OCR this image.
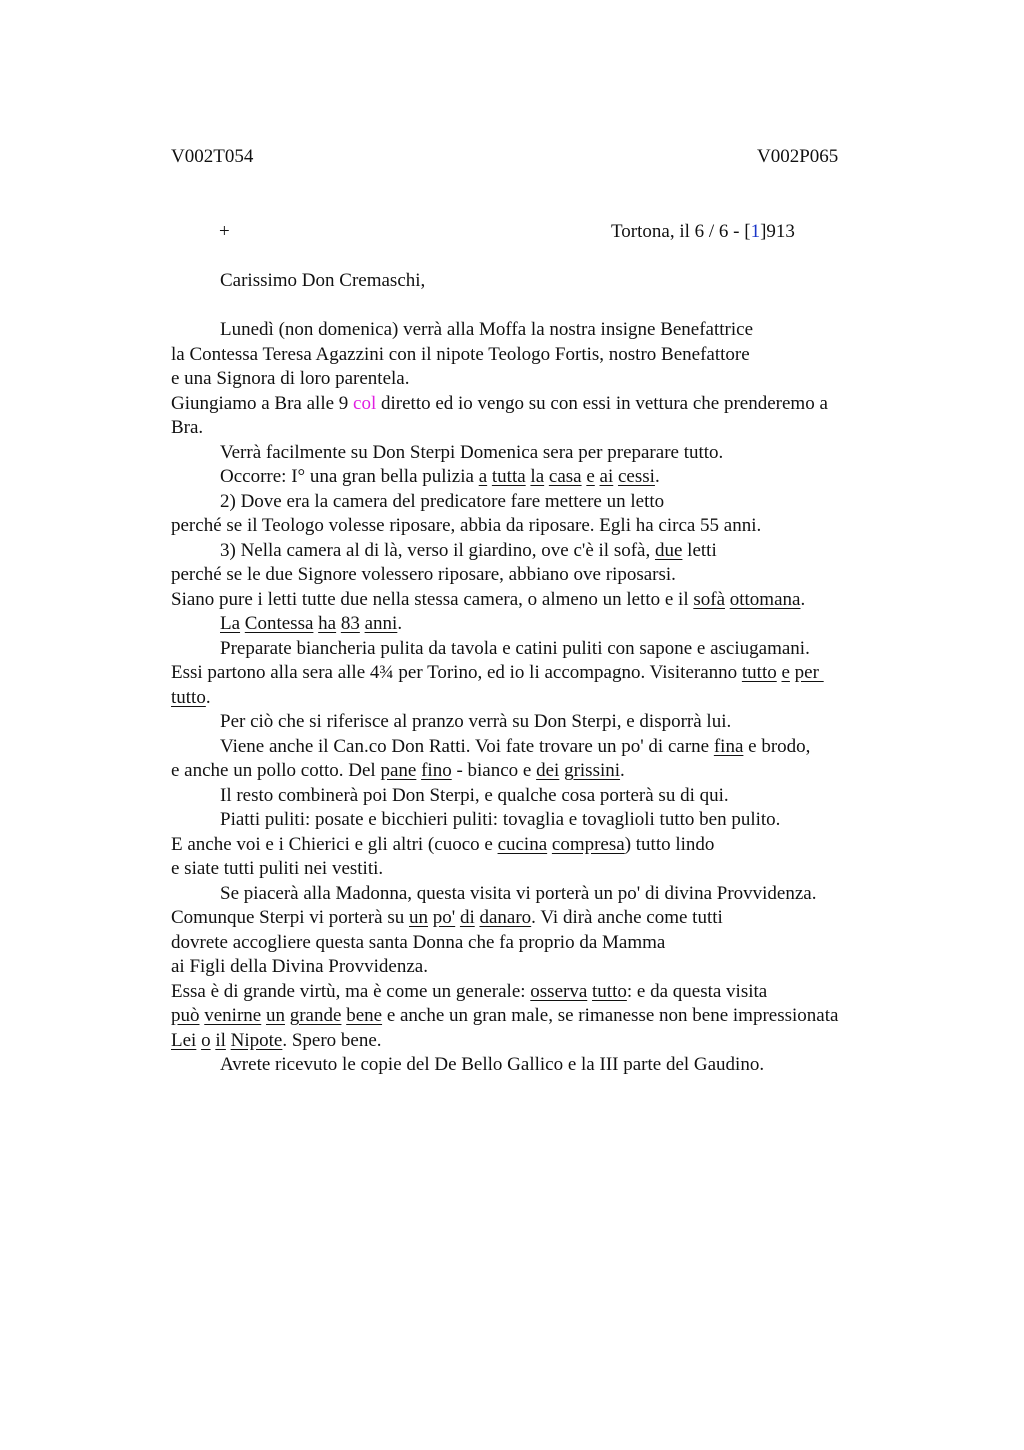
V002T054	V002P065
+	Tortona, il 6 / 6 - [1]913
Carissimo Don Cremaschi,
Lunedì (non domenica) verrà alla Moffa la nostra insigne Benefattrice
la Contessa Teresa Agazzini con il nipote Teologo Fortis, nostro Benefattore
e una Signora di loro parentela.
Giungiamo a Bra alle 9 col diretto ed io vengo su con essi in vettura che prenderemo a
Bra.
Verrà facilmente su Don Sterpi Domenica sera per preparare tutto.
Occorre: I° una gran bella pulizia a tutta la casa e ai cessi.
2) Dove era la camera del predicatore fare mettere un letto
perché se il Teologo volesse riposare, abbia da riposare. Egli ha circa 55 anni.
3) Nella camera al di là, verso il giardino, ove c'è il sofà, due letti
perché se le due Signore volessero riposare, abbiano ove riposarsi.
Siano pure i letti tutte due nella stessa camera, o almeno un letto e il sofà ottomana.
La Contessa ha 83 anni.
Preparate biancheria pulita da tavola e catini puliti con sapone e asciugamani.
Essi partono alla sera alle 4¾ per Torino, ed io li accompagno. Visiteranno tutto e per
tutto.
Per ciò che si riferisce al pranzo verrà su Don Sterpi, e disporrà lui.
Viene anche il Can.co Don Ratti. Voi fate trovare un po' di carne fina e brodo,
e anche un pollo cotto. Del pane fino - bianco e dei grissini.
Il resto combinerà poi Don Sterpi, e qualche cosa porterà su di qui.
Piatti puliti: posate e bicchieri puliti: tovaglia e tovaglioli tutto ben pulito.
E anche voi e i Chierici e gli altri (cuoco e cucina compresa) tutto lindo
e siate tutti puliti nei vestiti.
Se piacerà alla Madonna, questa visita vi porterà un po' di divina Provvidenza.
Comunque Sterpi vi porterà su un po' di danaro. Vi dirà anche come tutti
dovrete accogliere questa santa Donna che fa proprio da Mamma
ai Figli della Divina Provvidenza.
Essa è di grande virtù, ma è come un generale: osserva tutto: e da questa visita
può venirne un grande bene e anche un gran male, se rimanesse non bene impressionata
Lei o il Nipote. Spero bene.
Avrete ricevuto le copie del De Bello Gallico e la III parte del Gaudino.
